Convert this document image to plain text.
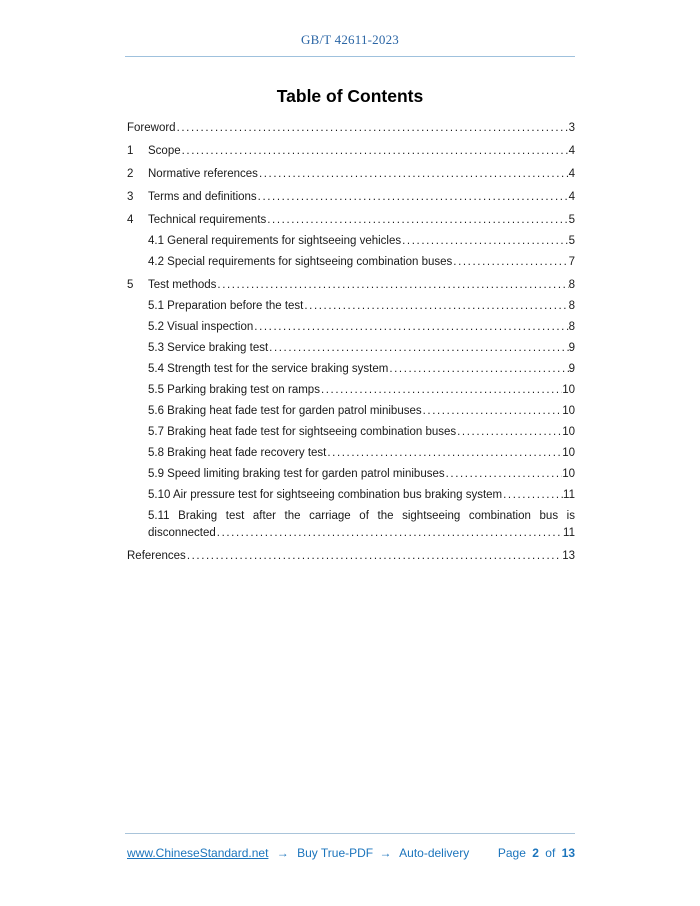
GB/T 42611-2023
Table of Contents
Foreword .....	3
1	Scope .....	4
2	Normative references .....	4
3	Terms and definitions .....	4
4	Technical requirements .....	5
4.1 General requirements for sightseeing vehicles .....	5
4.2 Special requirements for sightseeing combination buses .....	7
5	Test methods .....	8
5.1 Preparation before the test .....	8
5.2 Visual inspection .....	8
5.3 Service braking test .....	9
5.4 Strength test for the service braking system .....	9
5.5 Parking braking test on ramps .....	10
5.6 Braking heat fade test for garden patrol minibuses .....	10
5.7 Braking heat fade test for sightseeing combination buses .....	10
5.8 Braking heat fade recovery test .....	10
5.9 Speed limiting braking test for garden patrol minibuses .....	10
5.10 Air pressure test for sightseeing combination bus braking system .....	11
5.11 Braking test after the carriage of the sightseeing combination bus is
disconnected .....	11
References .....	13
www.ChineseStandard.net → Buy True-PDF → Auto-delivery Page 2 of 13
